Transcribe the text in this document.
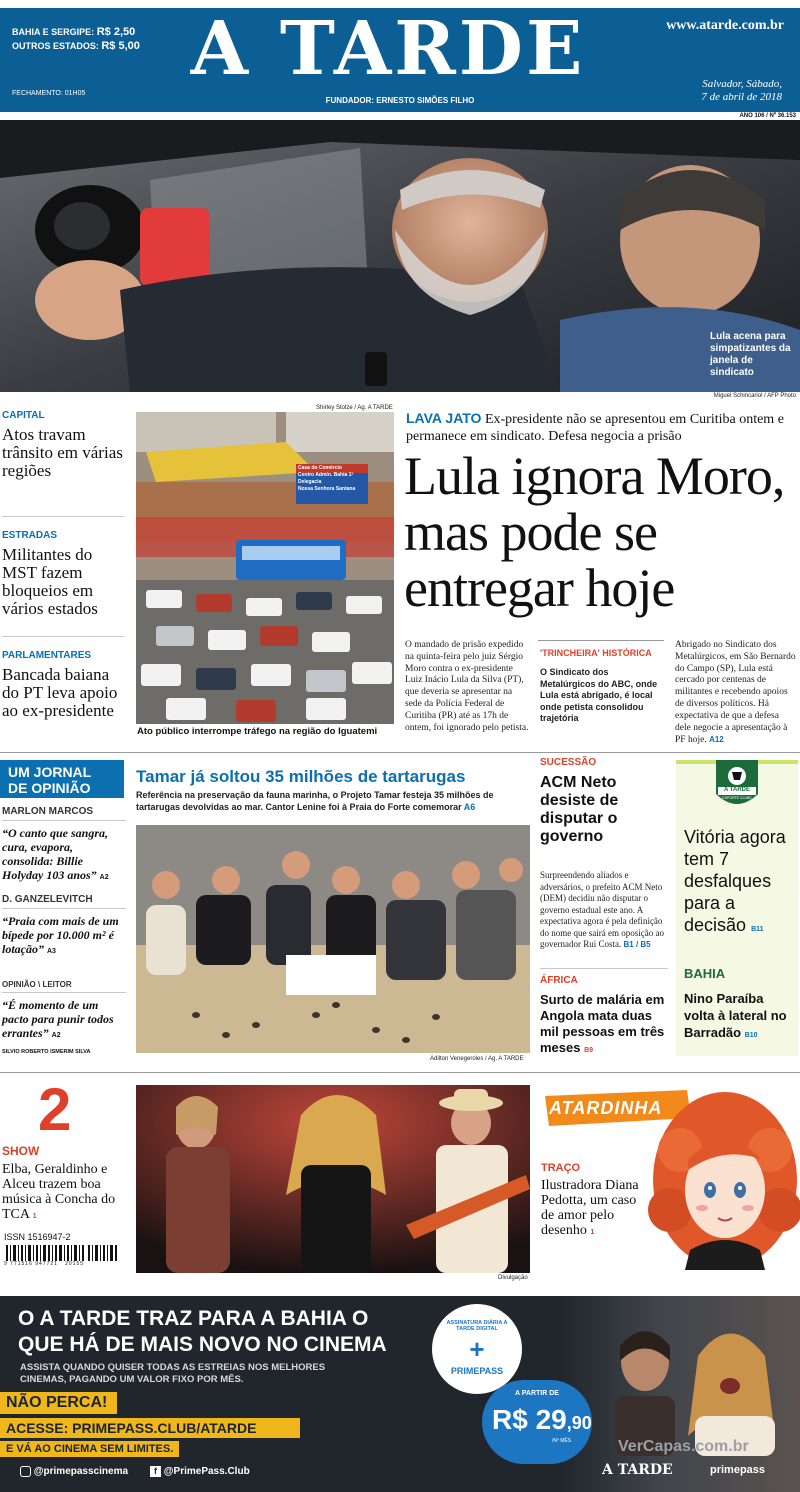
BAHIA E SERGIPE: R$ 2,50
OUTROS ESTADOS: R$ 5,00
FECHAMENTO: 01H05
A TARDE
FUNDADOR: ERNESTO SIMÕES FILHO
www.atarde.com.br
Salvador, Sábado,
7 de abril de 2018
ANO 106 / Nº 36.153
Lula acena para simpatizantes da janela de sindicato
Miguel Schincariol / AFP Photo
CAPITAL
Atos travam trânsito em várias regiões
ESTRADAS
Militantes do MST fazem bloqueios em vários estados
PARLAMENTARES
Bancada baiana do PT leva apoio ao ex-presidente
Shirley Stolze / Ag. A TARDE
Casa do Comércio
Centro Admin. Bahia 1ª Delegacia
Nossa Senhora Santana
Ato público interrompe tráfego na região do Iguatemi
LAVA JATO Ex-presidente não se apresentou em Curitiba ontem e permanece em sindicato. Defesa negocia a prisão
Lula ignora Moro, mas pode se entregar hoje
O mandado de prisão expedido na quinta-feira pelo juiz Sérgio Moro contra o ex-presidente Luiz Inácio Lula da Silva (PT), que deveria se apresentar na sede da Polícia Federal de Curitiba (PR) até as 17h de ontem, foi ignorado pelo petista.
'TRINCHEIRA' HISTÓRICA
O Sindicato dos Metalúrgicos do ABC, onde Lula está abrigado, é local onde petista consolidou trajetória
Abrigado no Sindicato dos Metalúrgicos, em São Bernardo do Campo (SP), Lula está cercado por centenas de militantes e recebendo apoios de diversos políticos. Há expectativa de que a defesa dele negocie a apresentação à PF hoje. A12
UM JORNAL
DE OPINIÃO
MARLON MARCOS
“O canto que sangra, cura, evapora, consolida: Billie Holyday 103 anos” A2
D. GANZELEVITCH
“Praia com mais de um bípede por 10.000 m² é lotação” A3
OPINIÃO \ LEITOR
“É momento de um pacto para punir todos errantes” A2
SILVIO ROBERTO ISMERIM SILVA
Tamar já soltou 35 milhões de tartarugas
Referência na preservação da fauna marinha, o Projeto Tamar festeja 35 milhões de tartarugas devolvidas ao mar. Cantor Lenine foi à Praia do Forte comemorar A6
Adilton Venegeroles / Ag. A TARDE
SUCESSÃO
ACM Neto desiste de disputar o governo
Surpreendendo aliados e adversários, o prefeito ACM Neto (DEM) decidiu não disputar o governo estadual este ano. A expectativa agora é pela definição do nome que sairá em oposição ao governador Rui Costa. B1 / B5
ÁFRICA
Surto de malária em Angola mata duas mil pessoas em três meses B9
A TARDE
ESPORTE CLUBE
Vitória agora tem 7 desfalques para a decisão B11
BAHIA
Nino Paraíba volta à lateral no Barradão B10
2
SHOW
Elba, Geraldinho e Alceu trazem boa música à Concha do TCA 1
ISSN 1516947-2
9 771516 947721   20155
Divulgação
ATARDINHA
TRAÇO
Ilustradora Diana Pedotta, um caso de amor pelo desenho 1
O A TARDE TRAZ PARA A BAHIA O
QUE HÁ DE MAIS NOVO NO CINEMA
ASSISTA QUANDO QUISER TODAS AS ESTREIAS NOS MELHORES
CINEMAS, PAGANDO UM VALOR FIXO POR MÊS.
NÃO PERCA!
ACESSE: PRIMEPASS.CLUB/ATARDE
E VÁ AO CINEMA SEM LIMITES.
@primepasscinema	f @PrimePass.Club
ASSINATURA DIÁRIA A TARDE DIGITAL
+
PRIMEPASS
A PARTIR DE
R$ 29,90
/Nº MÊS	VerCapas.com.br
A TARDE	primepass
